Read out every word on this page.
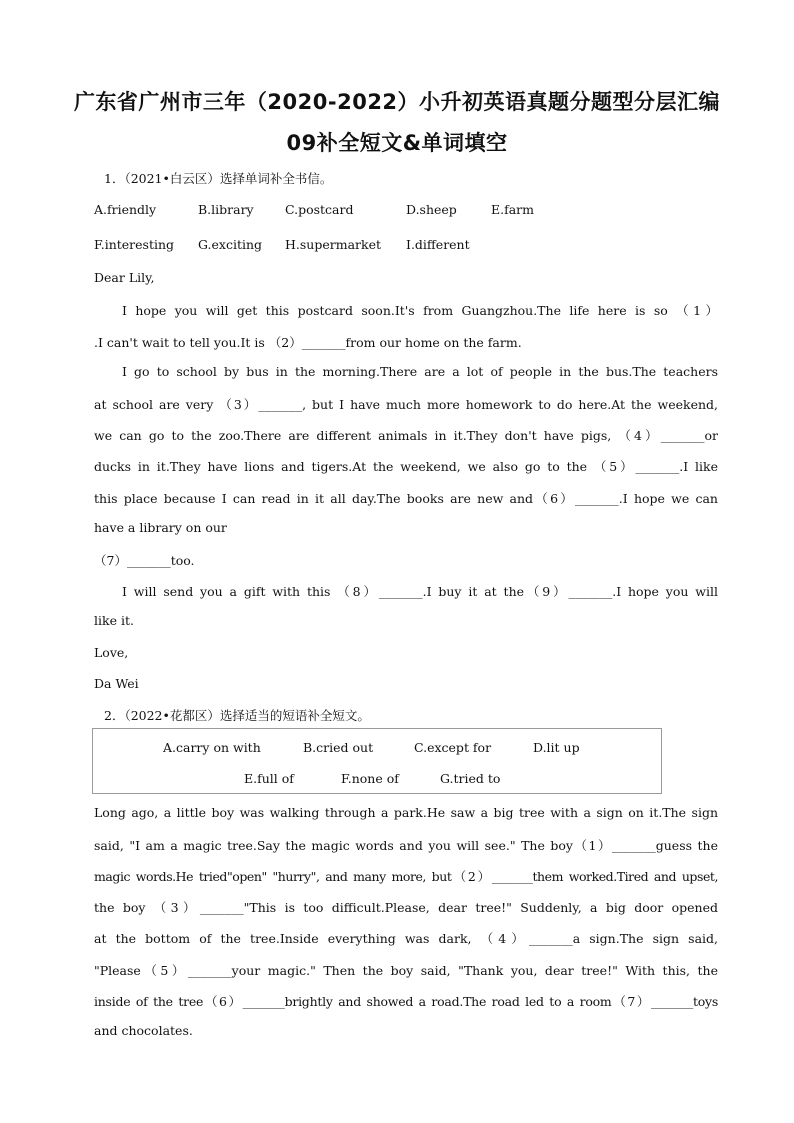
广东省广州市三年（2020-2022）小升初英语真题分题型分层汇编
09补全短文&单词填空
1．（2021•白云区）选择单词补全书信。
A.friendly	B.library	C.postcard	D.sheep	E.farm
F.interesting G.exciting H.supermarket I.different
Dear Lily,
I hope you will get this postcard soon.It's from Guangzhou.The life here is so （1）
.I can't wait to tell you.It is （2）_______from our home on the farm.
I go to school by bus in the morning.There are a lot of people in the bus.The teachers
at school are very （3）_______, but I have much more homework to do here.At the weekend,
we can go to the zoo.There are different animals in it.They don't have pigs, （4）_______or
ducks in it.They have lions and tigers.At the weekend, we also go to the （5）_______.I like
this place because I can read in it all day.The books are new and（6）_______.I hope we can
have a library on our
（7）_______too.
I will send you a gift with this （8）_______.I buy it at the（9）_______.I hope you will
like it.
Love,
Da Wei
2．（2022•花都区）选择适当的短语补全短文。
A.carry on with	B.cried out	C.except for	D.lit up
E.full of	F.none of	G.tried to
Long ago, a little boy was walking through a park.He saw a big tree with a sign on it.The sign
said, "I am a magic tree.Say the magic words and you will see." The boy（1）_______guess the
magic words.He tried"open" "hurry", and many more, but（2）_______them worked.Tired and upset,
the boy （3）_______"This is too difficult.Please, dear tree!" Suddenly, a big door opened
at the bottom of the tree.Inside everything was dark, （4）_______a sign.The sign said,
"Please（5）_______your magic." Then the boy said, "Thank you, dear tree!" With this, the
inside of the tree（6）_______brightly and showed a road.The road led to a room（7）_______toys
and chocolates.
